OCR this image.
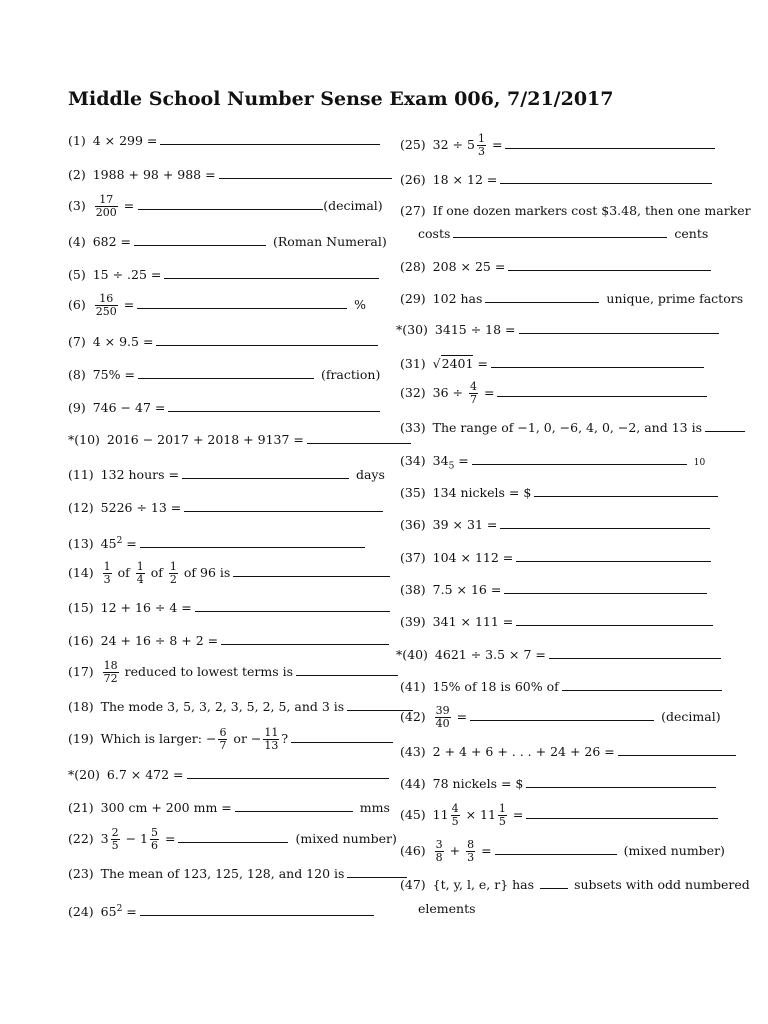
Middle School Number Sense Exam 006, 7/21/2017
(1) 4 × 299 =
(2) 1988 + 98 + 988 =
$(3) \frac{17}{200}$ =	(decimal)
(4) 682 =	(Roman Numeral)
(5) 15 ÷ .25 =
$(6) \frac{16}{250}$ =	%
(7) 4 × 9.5 =
(8) 75% =	(fraction)
(9) 746 − 47 =
*(10) 2016 − 2017 + 2018 + 9137 =
(11) 132 hours =	days
(12) 5226 ÷ 13 =
(13) $45^2$ =
$(14) \frac{1}{3}$ of $\frac{1}{4}$ of $\frac{1}{2}$ of 96 is
(15) 12 + 16 ÷ 4 =
(16) 24 + 16 ÷ 8 + 2 =
$(17) \frac{18}{72}$ reduced to lowest terms is
(18) The mode 3, 5, 3, 2, 3, 5, 2, 5, and 3 is
(19) Which is larger: − $\frac{6}{7}$ or − $\frac{11}{13}$ ?
*(20) 6.7 × 472 =
(21) 300 cm + 200 mm =	mms
(22) $3 \frac{2}{5} - 1 \frac{5}{6}$ =	(mixed number)
(23) The mean of 123, 125, 128, and 120 is
(24) $65^2$ =
(25) $32 \div 5 \frac{1}{3}$ =
(26) 18 × 12 =
(27) If one dozen markers cost $3.48, then one marker
costs	cents
(28) 208 × 25 =
(29) 102 has	unique, prime factors
*(30) 3415 ÷ 18 =
(31) √2401 =
(32) $36 \div \frac{4}{7}$ =
(33) The range of −1, 0, −6, 4, 0, −2, and 13 is
(34) $34_5$ =	10
(35) 134 nickels = $
(36) 39 × 31 =
(37) 104 × 112 =
(38) 7.5 × 16 =
(39) 341 × 111 =
*(40) 4621 ÷ 3.5 × 7 =
(41) 15% of 18 is 60% of
$(42) \frac{39}{40}$ =	(decimal)
(43) 2 + 4 + 6 + . . . + 24 + 26 =
(44) 78 nickels = $
(45) $11 \frac{4}{5} \times 11 \frac{1}{5}$ =
$(46) \frac{3}{8} + \frac{8}{3}$ =	(mixed number)
(47) {t, y, l, e, r} has	subsets with odd numbered
elements
